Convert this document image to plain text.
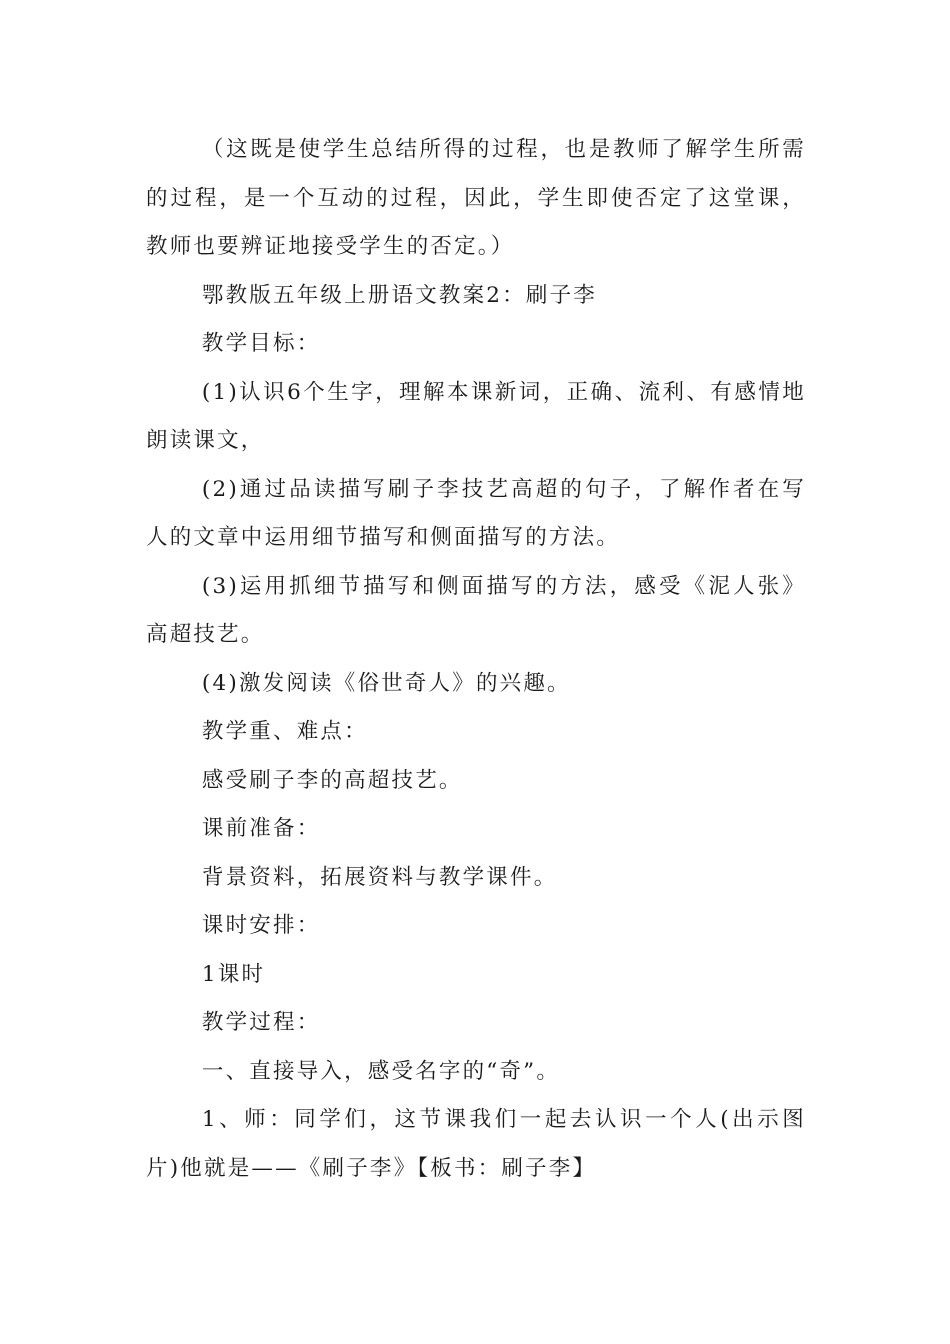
（这既是使学生总结所得的过程，也是教师了解学生所需的过程，是一个互动的过程，因此，学生即使否定了这堂课，教师也要辨证地接受学生的否定。）

鄂教版五年级上册语文教案2：刷子李

教学目标：

(1)认识6个生字，理解本课新词，正确、流利、有感情地朗读课文，

(2)通过品读描写刷子李技艺高超的句子，了解作者在写人的文章中运用细节描写和侧面描写的方法。

(3)运用抓细节描写和侧面描写的方法，感受《泥人张》高超技艺。

(4)激发阅读《俗世奇人》的兴趣。

教学重、难点：

感受刷子李的高超技艺。

课前准备：

背景资料，拓展资料与教学课件。

课时安排：

1课时

教学过程：

一、直接导入，感受名字的“奇”。

1、师：同学们，这节课我们一起去认识一个人(出示图片)他就是——《刷子李》【板书：刷子李】
